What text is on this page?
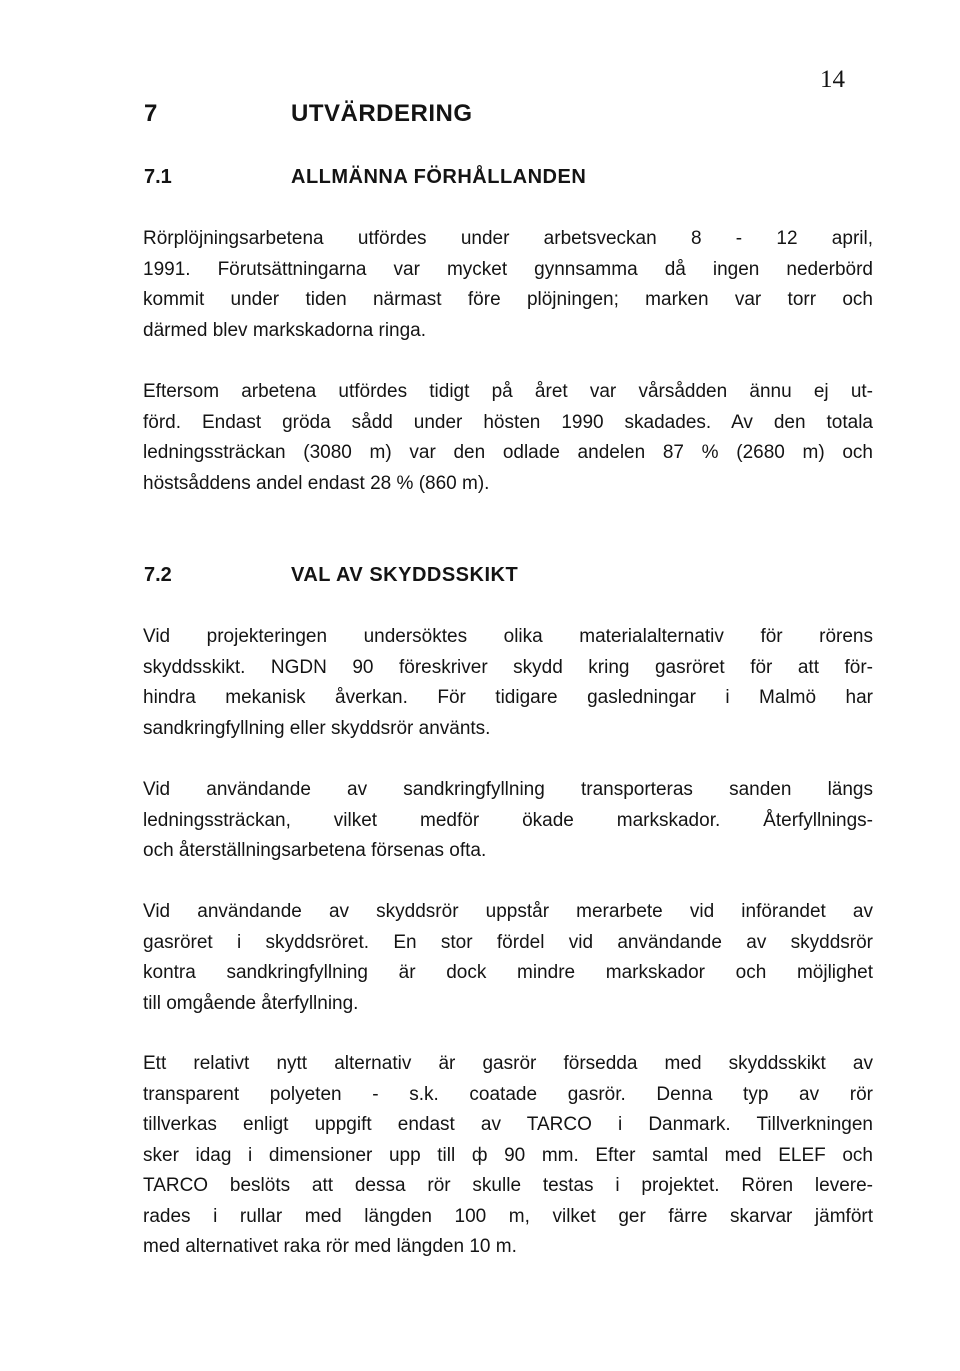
14
7	UTVÄRDERING
7.1	ALLMÄNNA FÖRHÅLLANDEN
Rörplöjningsarbetena utfördes under arbetsveckan 8 - 12 april,
1991. Förutsättningarna var mycket gynnsamma då ingen nederbörd
kommit under tiden närmast före plöjningen; marken var torr och
därmed blev markskadorna ringa.
Eftersom arbetena utfördes tidigt på året var vårsådden ännu ej ut-
förd. Endast gröda sådd under hösten 1990 skadades. Av den totala
ledningssträckan (3080 m) var den odlade andelen 87 % (2680 m) och
höstsåddens andel endast 28 % (860 m).
7.2	VAL AV SKYDDSSKIKT
Vid projekteringen undersöktes olika materialalternativ för rörens
skyddsskikt. NGDN 90 föreskriver skydd kring gasröret för att för-
hindra mekanisk åverkan. För tidigare gasledningar i Malmö har
sandkringfyllning eller skyddsrör använts.
Vid användande av sandkringfyllning transporteras sanden längs
ledningssträckan, vilket medför ökade markskador. Återfyllnings-
och återställningsarbetena försenas ofta.
Vid användande av skyddsrör uppstår merarbete vid införandet av
gasröret i skyddsröret. En stor fördel vid användande av skyddsrör
kontra sandkringfyllning är dock mindre markskador och möjlighet
till omgående återfyllning.
Ett relativt nytt alternativ är gasrör försedda med skyddsskikt av
transparent polyeten - s.k. coatade gasrör. Denna typ av rör
tillverkas enligt uppgift endast av TARCO i Danmark. Tillverkningen
sker idag i dimensioner upp till ф 90 mm. Efter samtal med ELEF och
TARCO beslöts att dessa rör skulle testas i projektet. Rören levere-
rades i rullar med längden 100 m, vilket ger färre skarvar jämfört
med alternativet raka rör med längden 10 m.
